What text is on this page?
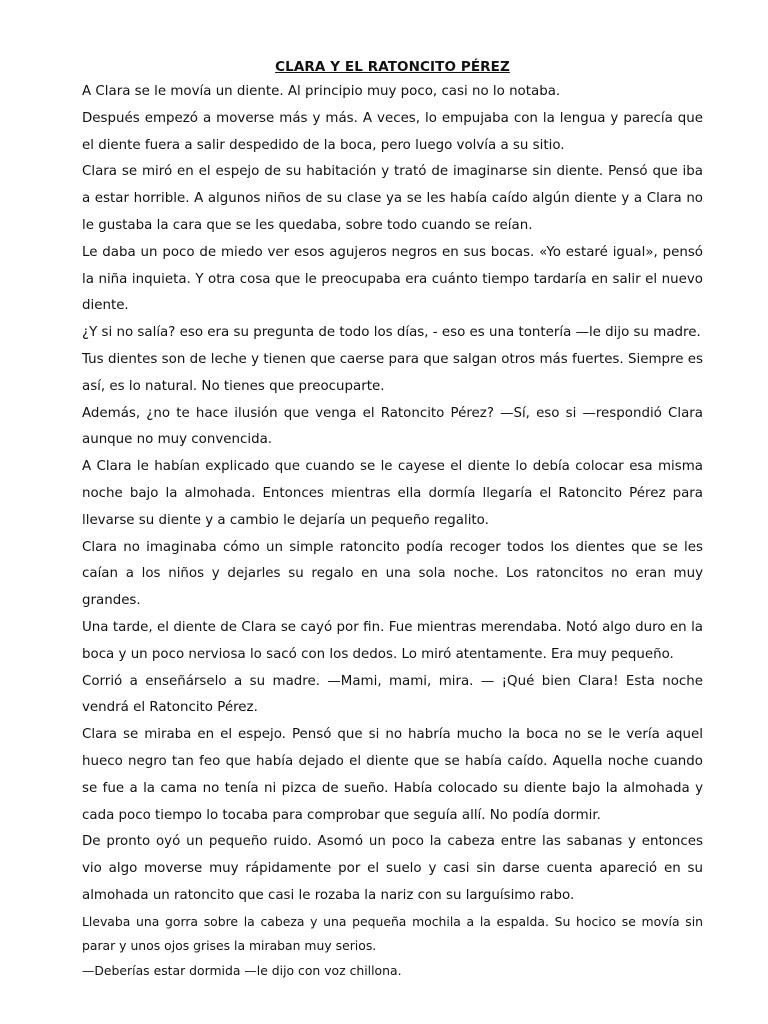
CLARA Y EL RATONCITO PÉREZ

A Clara se le movía un diente. Al principio muy poco, casi no lo notaba.

Después empezó a moverse más y más. A veces, lo empujaba con la lengua y parecía que el diente fuera a salir despedido de la boca, pero luego volvía a su sitio.

Clara se miró en el espejo de su habitación y trató de imaginarse sin diente. Pensó que iba a estar horrible. A algunos niños de su clase ya se les había caído algún diente y a Clara no le gustaba la cara que se les quedaba, sobre todo cuando se reían.

Le daba un poco de miedo ver esos agujeros negros en sus bocas. «Yo estaré igual», pensó la niña inquieta. Y otra cosa que le preocupaba era cuánto tiempo tardaría en salir el nuevo diente.

¿Y si no salía? eso era su pregunta de todo los días, - eso es una tontería —le dijo su madre.

Tus dientes son de leche y tienen que caerse para que salgan otros más fuertes. Siempre es así, es lo natural. No tienes que preocuparte.

Además, ¿no te hace ilusión que venga el Ratoncito Pérez? —Sí, eso si —respondió Clara aunque no muy convencida.

A Clara le habían explicado que cuando se le cayese el diente lo debía colocar esa misma noche bajo la almohada. Entonces mientras ella dormía llegaría el Ratoncito Pérez para llevarse su diente y a cambio le dejaría un pequeño regalito.

Clara no imaginaba cómo un simple ratoncito podía recoger todos los dientes que se les caían a los niños y dejarles su regalo en una sola noche. Los ratoncitos no eran muy grandes.

Una tarde, el diente de Clara se cayó por fin. Fue mientras merendaba. Notó algo duro en la boca y un poco nerviosa lo sacó con los dedos. Lo miró atentamente. Era muy pequeño.

Corrió a enseñárselo a su madre. —Mami, mami, mira. — ¡Qué bien Clara! Esta noche vendrá el Ratoncito Pérez.

Clara se miraba en el espejo. Pensó que si no habría mucho la boca no se le vería aquel hueco negro tan feo que había dejado el diente que se había caído. Aquella noche cuando se fue a la cama no tenía ni pizca de sueño. Había colocado su diente bajo la almohada y cada poco tiempo lo tocaba para comprobar que seguía allí. No podía dormir.

De pronto oyó un pequeño ruido. Asomó un poco la cabeza entre las sabanas y entonces vio algo moverse muy rápidamente por el suelo y casi sin darse cuenta apareció en su almohada un ratoncito que casi le rozaba la nariz con su larguísimo rabo.

Llevaba una gorra sobre la cabeza y una pequeña mochila a la espalda. Su hocico se movía sin parar y unos ojos grises la miraban muy serios.

—Deberías estar dormida —le dijo con voz chillona.
